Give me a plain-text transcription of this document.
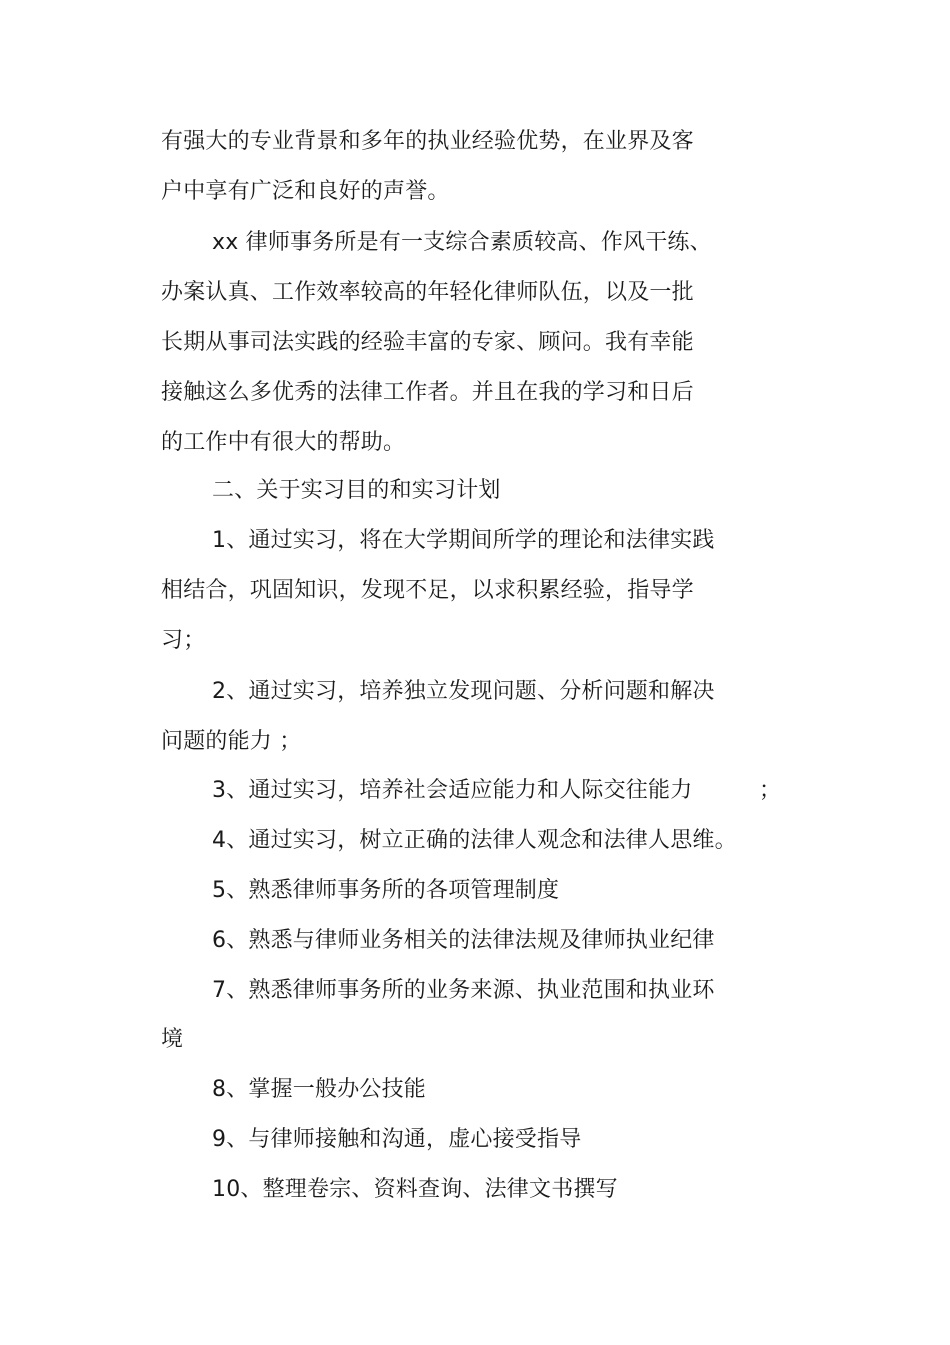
有强大的专业背景和多年的执业经验优势，在业界及客
户中享有广泛和良好的声誉。
xx 律师事务所是有一支综合素质较高、作风干练、
办案认真、工作效率较高的年轻化律师队伍，以及一批
长期从事司法实践的经验丰富的专家、顾问。我有幸能
接触这么多优秀的法律工作者。并且在我的学习和日后
的工作中有很大的帮助。
二、关于实习目的和实习计划
1、通过实习，将在大学期间所学的理论和法律实践
相结合，巩固知识，发现不足，以求积累经验，指导学
习；
2、通过实习，培养独立发现问题、分析问题和解决
问题的能力 ；
3、通过实习，培养社会适应能力和人际交往能力	；
4、通过实习，树立正确的法律人观念和法律人思维。
5、熟悉律师事务所的各项管理制度
6、熟悉与律师业务相关的法律法规及律师执业纪律
7、熟悉律师事务所的业务来源、执业范围和执业环
境
8、掌握一般办公技能
9、与律师接触和沟通，虚心接受指导
10、整理卷宗、资料查询、法律文书撰写
